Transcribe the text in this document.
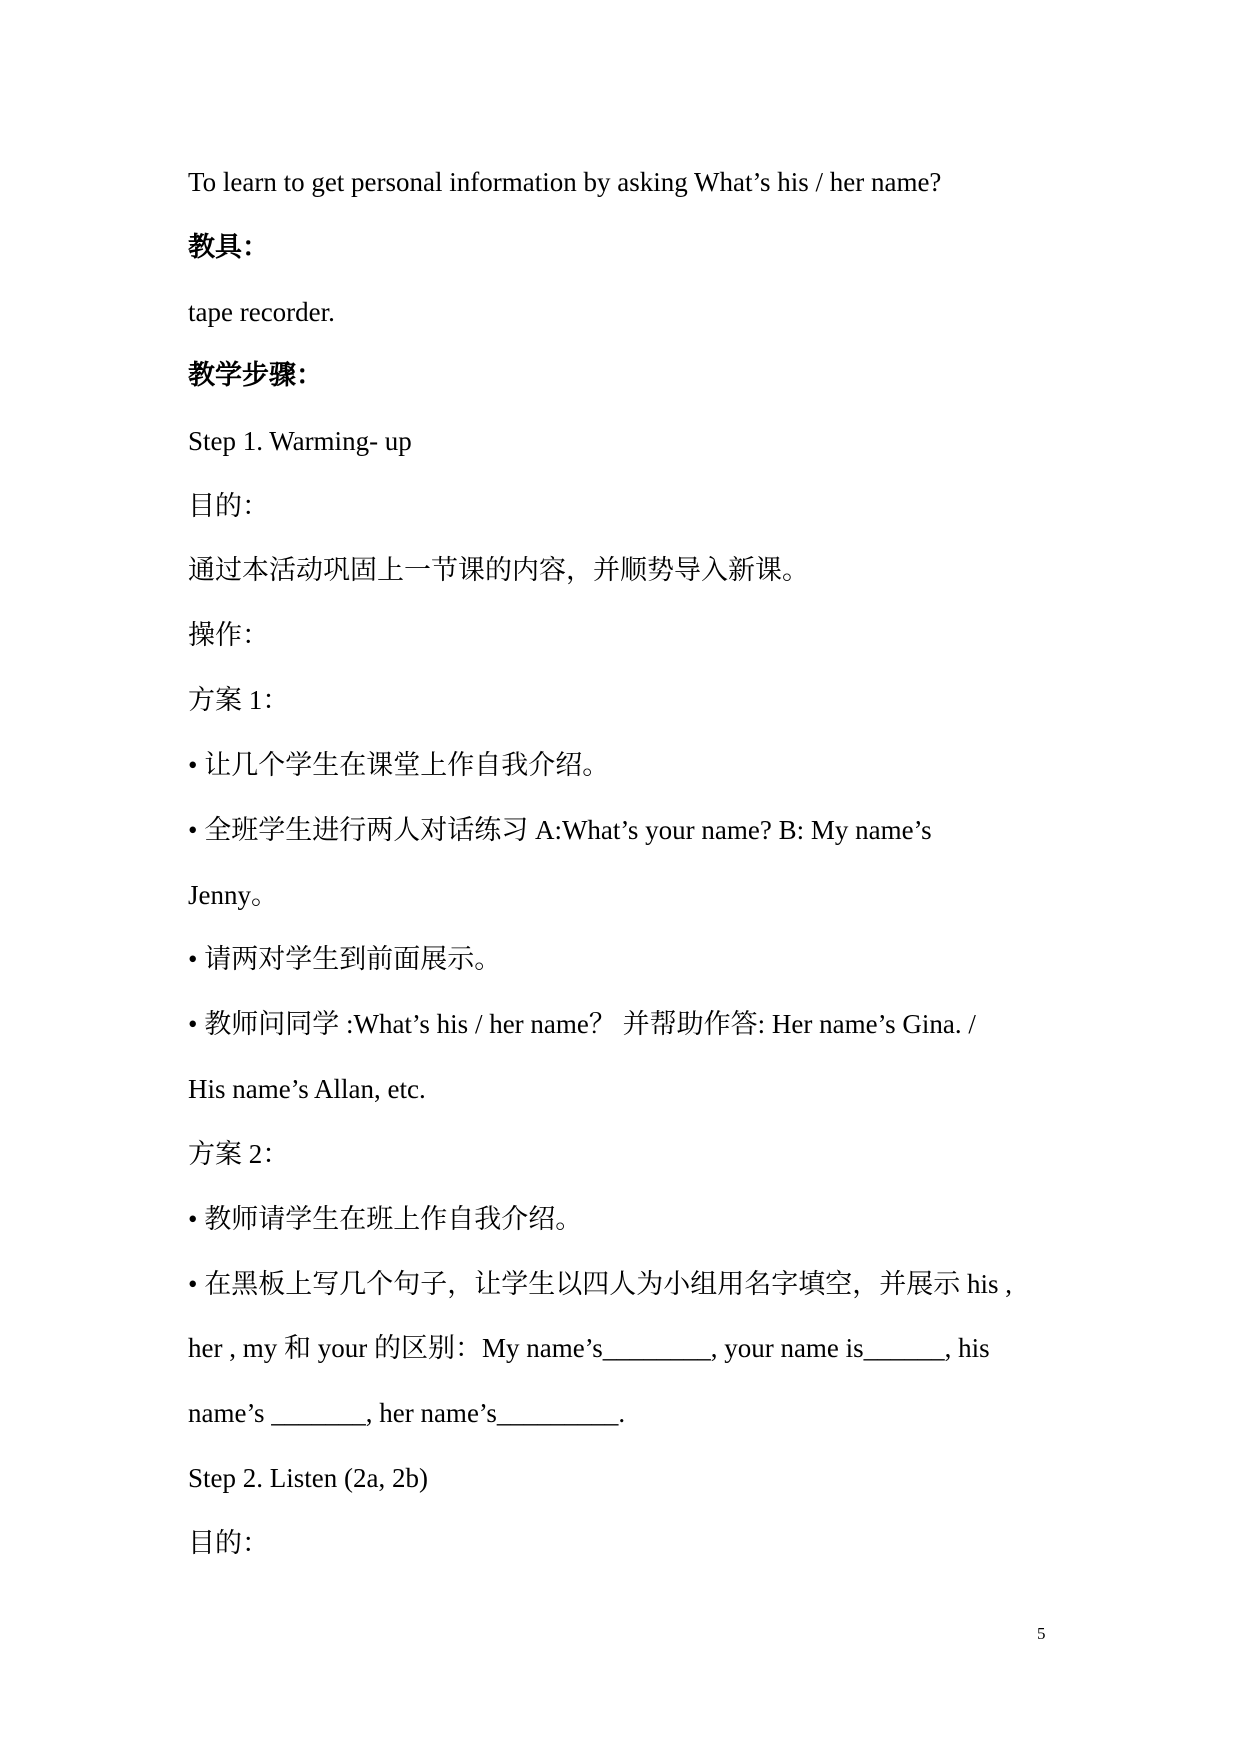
To learn to get personal information by asking What’s his / her name?
教具：
tape recorder.
教学步骤：
Step 1. Warming- up
目的：
通过本活动巩固上一节课的内容，并顺势导入新课。
操作：
方案 1：
• 让几个学生在课堂上作自我介绍。
• 全班学生进行两人对话练习 A:What’s your name? B: My name’s
Jenny。
• 请两对学生到前面展示。
• 教师问同学 :What’s his / her name？ 并帮助作答: Her name’s Gina. /
His name’s Allan, etc.
方案 2：
• 教师请学生在班上作自我介绍。
• 在黑板上写几个句子，让学生以四人为小组用名字填空，并展示 his ,
her , my 和 your 的区别：My name’s________, your name is______, his
name’s _______, her name’s_________.
Step 2. Listen (2a, 2b)
目的：
5
